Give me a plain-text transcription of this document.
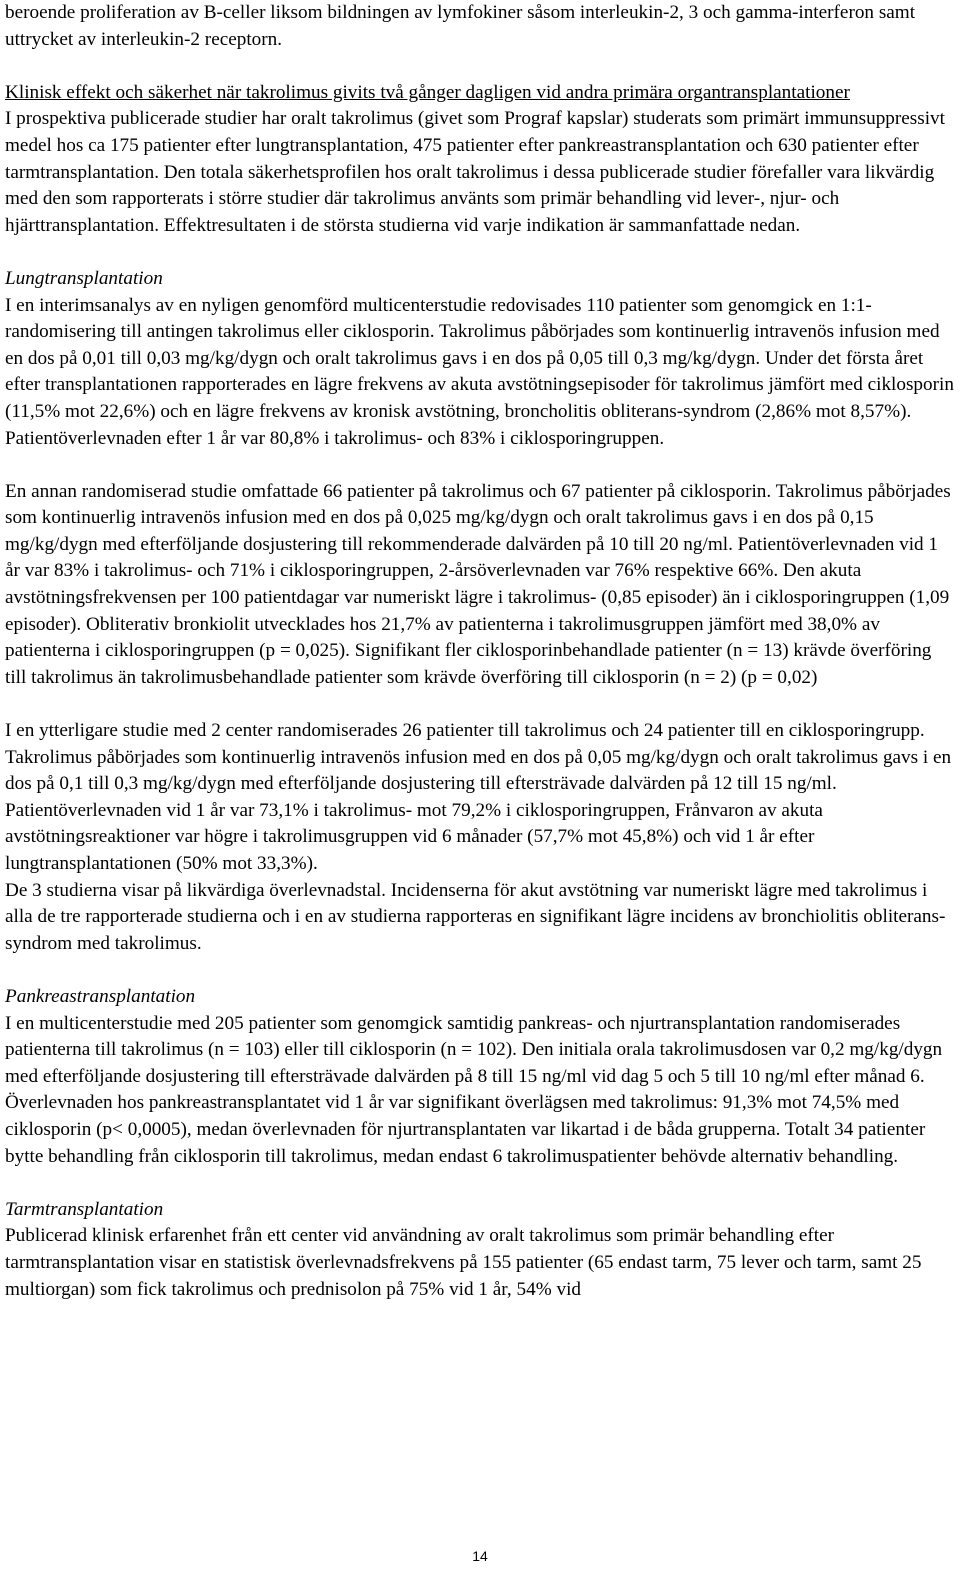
beroende proliferation av B-celler liksom bildningen av lymfokiner såsom interleukin-2, 3 och gamma-interferon samt uttrycket av interleukin-2 receptorn.

Klinisk effekt och säkerhet när takrolimus givits två gånger dagligen vid andra primära organtransplantationer

I prospektiva publicerade studier har oralt takrolimus (givet som Prograf kapslar) studerats som primärt immunsuppressivt medel hos ca 175 patienter efter lungtransplantation, 475 patienter efter pankreastransplantation och 630 patienter efter tarmtransplantation. Den totala säkerhetsprofilen hos oralt takrolimus i dessa publicerade studier förefaller vara likvärdig med den som rapporterats i större studier där takrolimus använts som primär behandling vid lever-, njur- och hjärttransplantation. Effektresultaten i de största studierna vid varje indikation är sammanfattade nedan.

Lungtransplantation

I en interimsanalys av en nyligen genomförd multicenterstudie redovisades 110 patienter som genomgick en 1:1-randomisering till antingen takrolimus eller ciklosporin. Takrolimus påbörjades som kontinuerlig intravenös infusion med en dos på 0,01 till 0,03 mg/kg/dygn och oralt takrolimus gavs i en dos på 0,05 till 0,3 mg/kg/dygn. Under det första året efter transplantationen rapporterades en lägre frekvens av akuta avstötningsepisoder för takrolimus jämfört med ciklosporin (11,5% mot 22,6%) och en lägre frekvens av kronisk avstötning, broncholitis obliterans-syndrom (2,86% mot 8,57%). Patientöverlevnaden efter 1 år var 80,8% i takrolimus- och 83% i ciklosporingruppen.

En annan randomiserad studie omfattade 66 patienter på takrolimus och 67 patienter på ciklosporin. Takrolimus påbörjades som kontinuerlig intravenös infusion med en dos på 0,025 mg/kg/dygn och oralt takrolimus gavs i en dos på 0,15 mg/kg/dygn med efterföljande dosjustering till rekommenderade dalvärden på 10 till 20 ng/ml. Patientöverlevnaden vid 1 år var 83% i takrolimus- och 71% i ciklosporingruppen, 2-årsöverlevnaden var 76% respektive 66%. Den akuta avstötningsfrekvensen per 100 patientdagar var numeriskt lägre i takrolimus- (0,85 episoder) än i ciklosporingruppen (1,09 episoder). Obliterativ bronkiolit utvecklades hos 21,7% av patienterna i takrolimusgruppen jämfört med 38,0% av patienterna i ciklosporingruppen (p = 0,025). Signifikant fler ciklosporinbehandlade patienter (n = 13) krävde överföring till takrolimus än takrolimusbehandlade patienter som krävde överföring till ciklosporin (n = 2) (p = 0,02)

I en ytterligare studie med 2 center randomiserades 26 patienter till takrolimus och 24 patienter till en ciklosporingrupp. Takrolimus påbörjades som kontinuerlig intravenös infusion med en dos på 0,05 mg/kg/dygn och oralt takrolimus gavs i en dos på 0,1 till 0,3 mg/kg/dygn med efterföljande dosjustering till eftersträvade dalvärden på 12 till 15 ng/ml. Patientöverlevnaden vid 1 år var 73,1% i takrolimus- mot 79,2% i ciklosporingruppen, Frånvaron av akuta avstötningsreaktioner var högre i takrolimusgruppen vid 6 månader (57,7% mot 45,8%) och vid 1 år efter lungtransplantationen (50% mot 33,3%).

De 3 studierna visar på likvärdiga överlevnadstal. Incidenserna för akut avstötning var numeriskt lägre med takrolimus i alla de tre rapporterade studierna och i en av studierna rapporteras en signifikant lägre incidens av bronchiolitis obliterans-syndrom med takrolimus.

Pankreastransplantation

I en multicenterstudie med 205 patienter som genomgick samtidig pankreas- och njurtransplantation randomiserades patienterna till takrolimus (n = 103) eller till ciklosporin (n = 102). Den initiala orala takrolimusdosen var 0,2 mg/kg/dygn med efterföljande dosjustering till eftersträvade dalvärden på 8 till 15 ng/ml vid dag 5 och 5 till 10 ng/ml efter månad 6. Överlevnaden hos pankreastransplantatet vid 1 år var signifikant överlägsen med takrolimus: 91,3% mot 74,5% med ciklosporin (p< 0,0005), medan överlevnaden för njurtransplantaten var likartad i de båda grupperna. Totalt 34 patienter bytte behandling från ciklosporin till takrolimus, medan endast 6 takrolimuspatienter behövde alternativ behandling.

Tarmtransplantation

Publicerad klinisk erfarenhet från ett center vid användning av oralt takrolimus som primär behandling efter tarmtransplantation visar en statistisk överlevnadsfrekvens på 155 patienter (65 endast tarm, 75 lever och tarm, samt 25 multiorgan) som fick takrolimus och prednisolon på 75% vid 1 år, 54% vid

14
